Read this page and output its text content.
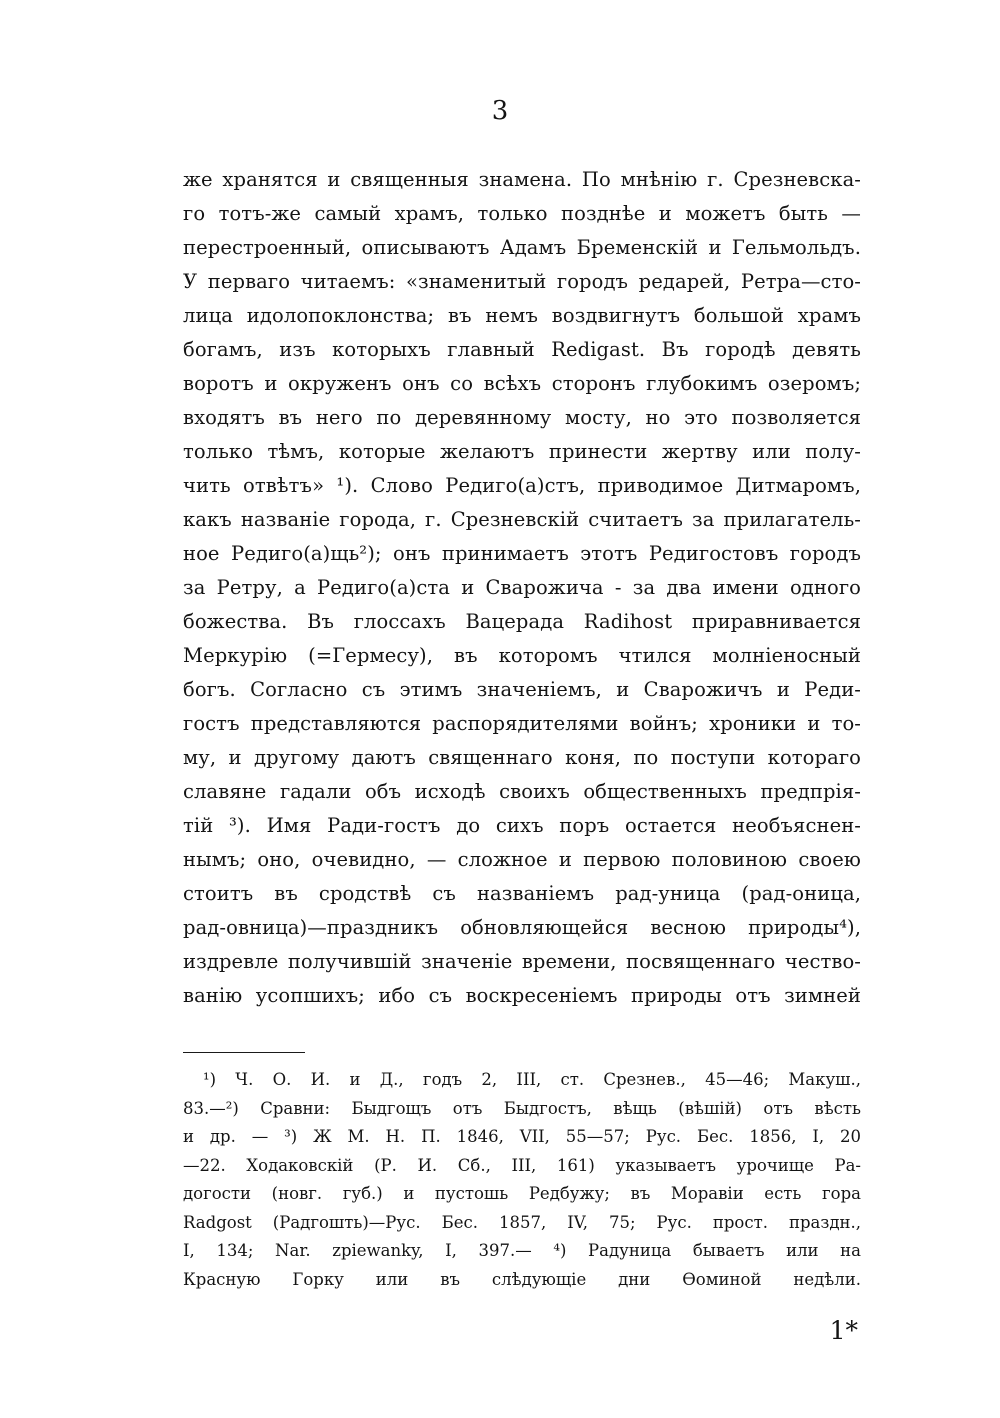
3
же хранятся и священныя знамена. По мнѣнію г. Срезневска-
го тотъ-же самый храмъ, только позднѣе и можетъ быть —
перестроенный, описываютъ Адамъ Бременскій и Гельмольдъ.
У перваго читаемъ: «знаменитый городъ редарей, Ретра—сто-
лица идолопоклонства; въ немъ воздвигнутъ большой храмъ
богамъ, изъ которыхъ главный Redigast. Въ городѣ девять
воротъ и окруженъ онъ со всѣхъ сторонъ глубокимъ озеромъ;
входятъ въ него по деревянному мосту, но это позволяется
только тѣмъ, которые желаютъ принести жертву или полу-
чить отвѣтъ» ¹). Слово Редиго(а)стъ, приводимое Дитмаромъ,
какъ названіе города, г. Срезневскій считаетъ за прилагатель-
ное Редиго(а)щь²); онъ принимаетъ этотъ Редигостовъ городъ
за Ретру, а Редиго(а)ста и Сварожича - за два имени одного
божества. Въ глоссахъ Вацерада Radihost приравнивается
Меркурію (=Гермесу), въ которомъ чтился молніеносный
богъ. Согласно съ этимъ значеніемъ, и Сварожичъ и Реди-
гостъ представляются распорядителями войнъ; хроники и то-
му, и другому даютъ священнаго коня, по поступи котораго
славяне гадали объ исходѣ своихъ общественныхъ предпрія-
тій ³). Имя Ради-гостъ до сихъ поръ остается необъяснен-
нымъ; оно, очевидно, — сложное и первою половиною своею
стоитъ въ сродствѣ съ названіемъ рад-уница (рад-оница,
рад-овница)—праздникъ обновляющейся весною природы⁴),
издревле получившій значеніе времени, посвященнаго чество-
ванію усопшихъ; ибо съ воскресеніемъ природы отъ зимней
¹) Ч. О. И. и Д., годъ 2, III, ст. Срезнев., 45—46; Макуш.,
83.—²) Сравни: Быдгощъ отъ Быдгостъ, вѣщь (вѣшій) отъ вѣсть
и др. — ³) Ж М. Н. П. 1846, VII, 55—57; Рус. Бес. 1856, I, 20
—22. Ходаковскій (Р. И. Сб., III, 161) указываетъ урочище Ра-
догости (новг. губ.) и пустошь Редбужу; въ Моравіи есть гора
Radgost (Радгошть)—Рус. Бес. 1857, IV, 75; Рус. прост. праздн.,
I, 134; Nar. zpiewanky, I, 397.— ⁴) Радуница бываетъ или на
Красную Горку или въ слѣдующіе дни Ѳоминой недѣли.
1*
